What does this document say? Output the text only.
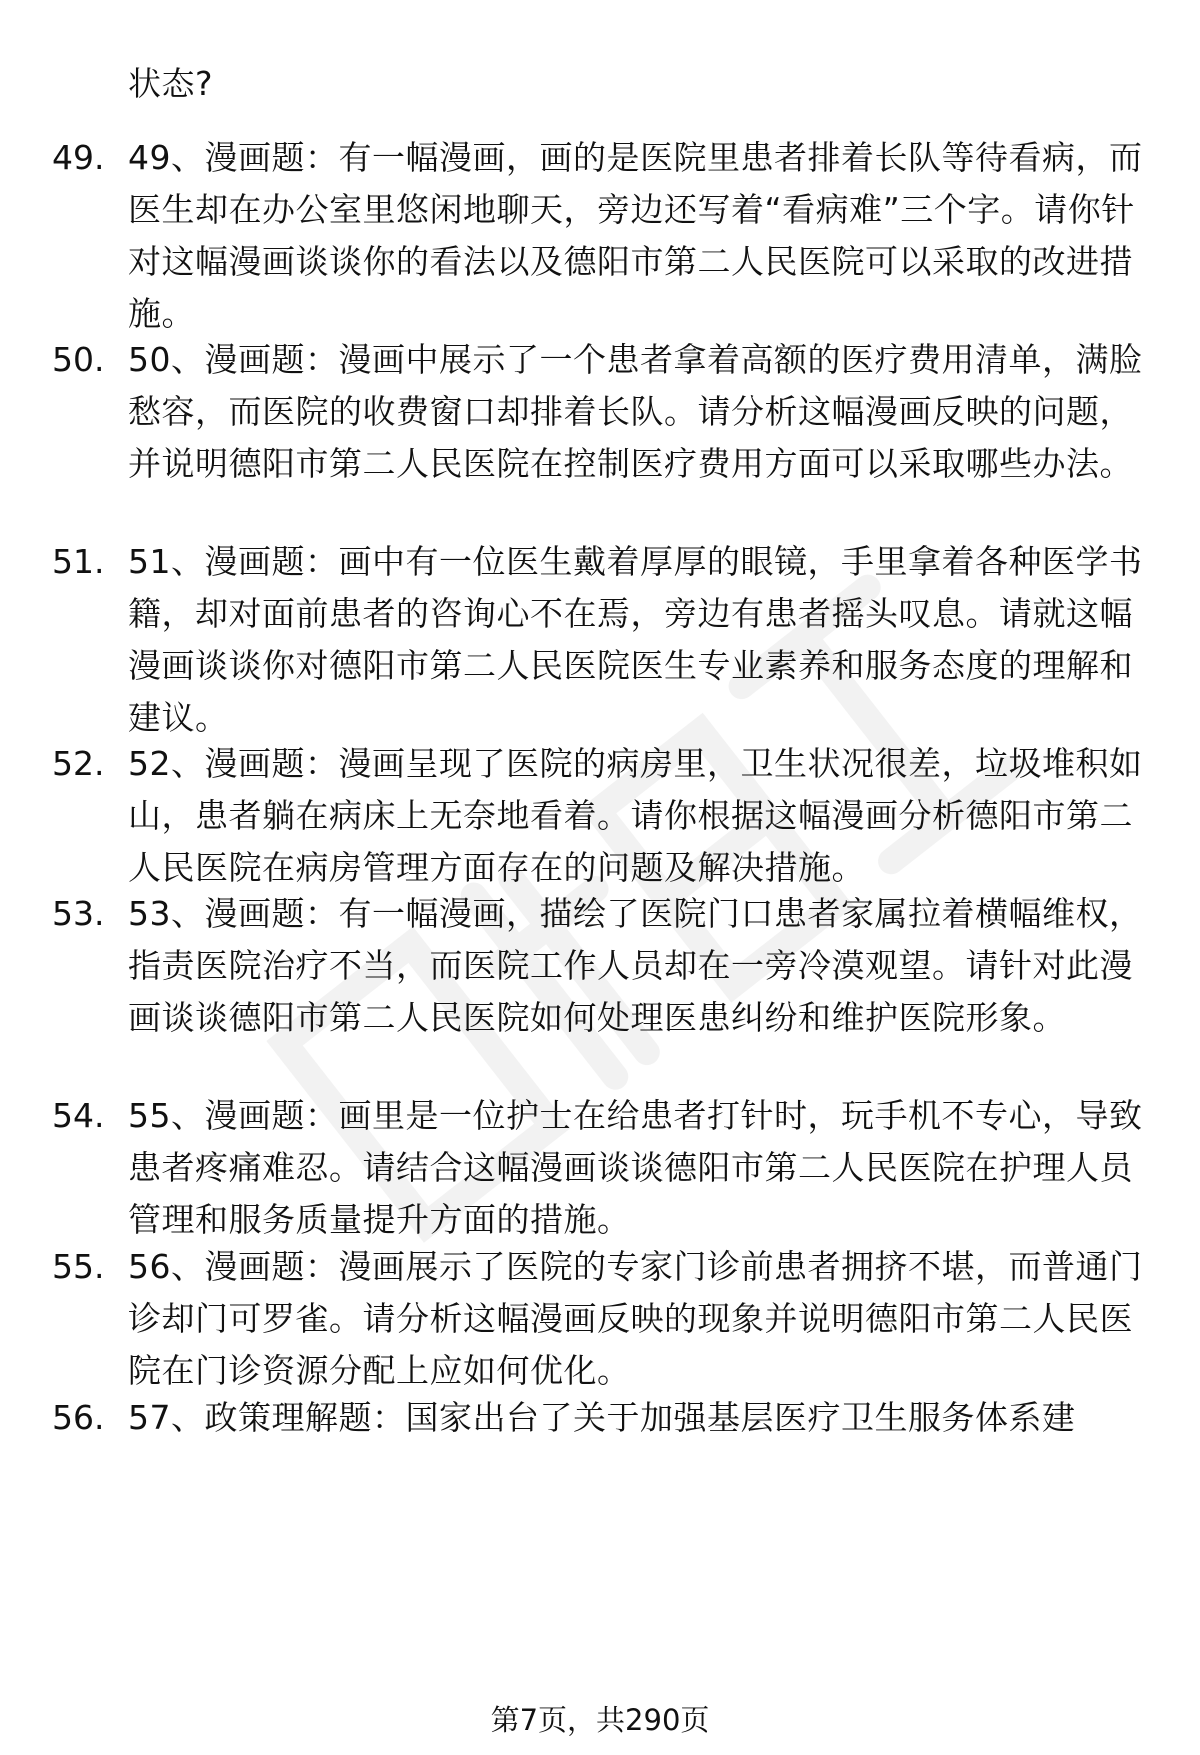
状态?
49. 49、漫画题：有一幅漫画，画的是医院里患者排着长队等待看病，而医生却在办公室里悠闲地聊天，旁边还写着“看病难”三个字。请你针对这幅漫画谈谈你的看法以及德阳市第二人民医院可以采取的改进措施。
50. 50、漫画题：漫画中展示了一个患者拿着高额的医疗费用清单，满脸愁容，而医院的收费窗口却排着长队。请分析这幅漫画反映的问题，并说明德阳市第二人民医院在控制医疗费用方面可以采取哪些办法。
51. 51、漫画题：画中有一位医生戴着厚厚的眼镜，手里拿着各种医学书籍，却对面前患者的咨询心不在焉，旁边有患者摇头叹息。请就这幅漫画谈谈你对德阳市第二人民医院医生专业素养和服务态度的理解和建议。
52. 52、漫画题：漫画呈现了医院的病房里，卫生状况很差，垃圾堆积如山，患者躺在病床上无奈地看着。请你根据这幅漫画分析德阳市第二人民医院在病房管理方面存在的问题及解决措施。
53. 53、漫画题：有一幅漫画，描绘了医院门口患者家属拉着横幅维权，指责医院治疗不当，而医院工作人员却在一旁冷漠观望。请针对此漫画谈谈德阳市第二人民医院如何处理医患纠纷和维护医院形象。
54. 55、漫画题：画里是一位护士在给患者打针时，玩手机不专心，导致患者疼痛难忍。请结合这幅漫画谈谈德阳市第二人民医院在护理人员管理和服务质量提升方面的措施。
55. 56、漫画题：漫画展示了医院的专家门诊前患者拥挤不堪，而普通门诊却门可罗雀。请分析这幅漫画反映的现象并说明德阳市第二人民医院在门诊资源分配上应如何优化。
56. 57、政策理解题：国家出台了关于加强基层医疗卫生服务体系建
第7页，共290页
